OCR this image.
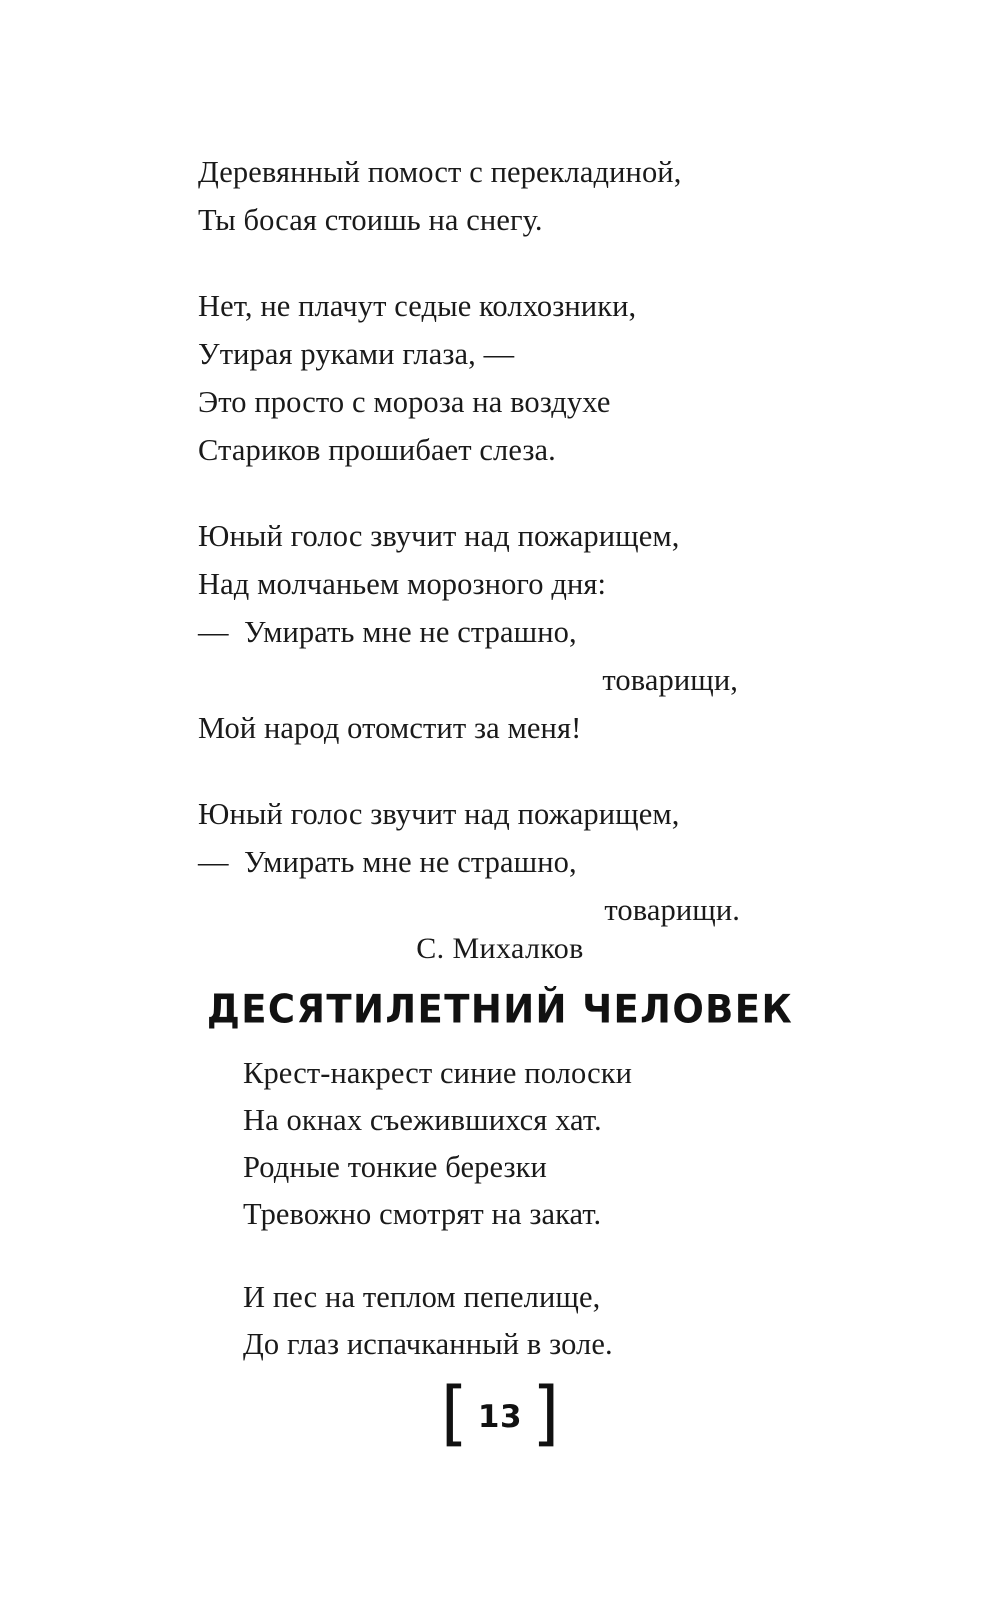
Деревянный помост с перекладиной,
Ты босая стоишь на снегу.
Нет, не плачут седые колхозники,
Утирая руками глаза, —
Это просто с мороза на воздухе
Стариков прошибает слеза.
Юный голос звучит над пожарищем,
Над молчаньем морозного дня:
—  Умирать мне не страшно,
товарищи,
Мой народ отомстит за меня!
Юный голос звучит над пожарищем,
—  Умирать мне не страшно,
товарищи.
С. Михалков
ДЕСЯТИЛЕТНИЙ ЧЕЛОВЕК
Крест-накрест синие полоски
На окнах съежившихся хат.
Родные тонкие березки
Тревожно смотрят на закат.
И пес на теплом пепелище,
До глаз испачканный в золе.
[ 13 ]
